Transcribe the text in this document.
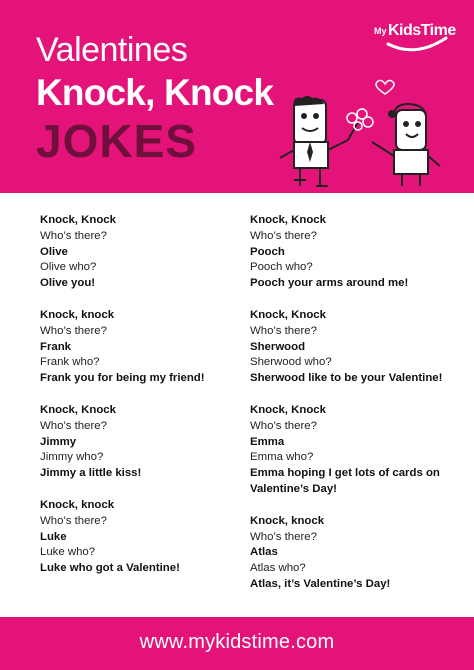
Valentines
Knock, Knock
JOKES
My KidsTime
Knock, Knock
Who’s there?
Olive
Olive who?
Olive you!
Knock, knock
Who’s there?
Frank
Frank who?
Frank you for being my friend!
Knock, Knock
Who’s there?
Jimmy
Jimmy who?
Jimmy a little kiss!
Knock, knock
Who’s there?
Luke
Luke who?
Luke who got a Valentine!
Knock, Knock
Who’s there?
Pooch
Pooch who?
Pooch your arms around me!
Knock, Knock
Who’s there?
Sherwood
Sherwood who?
Sherwood like to be your Valentine!
Knock, Knock
Who’s there?
Emma
Emma who?
Emma hoping I get lots of cards on Valentine’s Day!
Knock, knock
Who’s there?
Atlas
Atlas who?
Atlas, it’s Valentine’s Day!
www.mykidstime.com
